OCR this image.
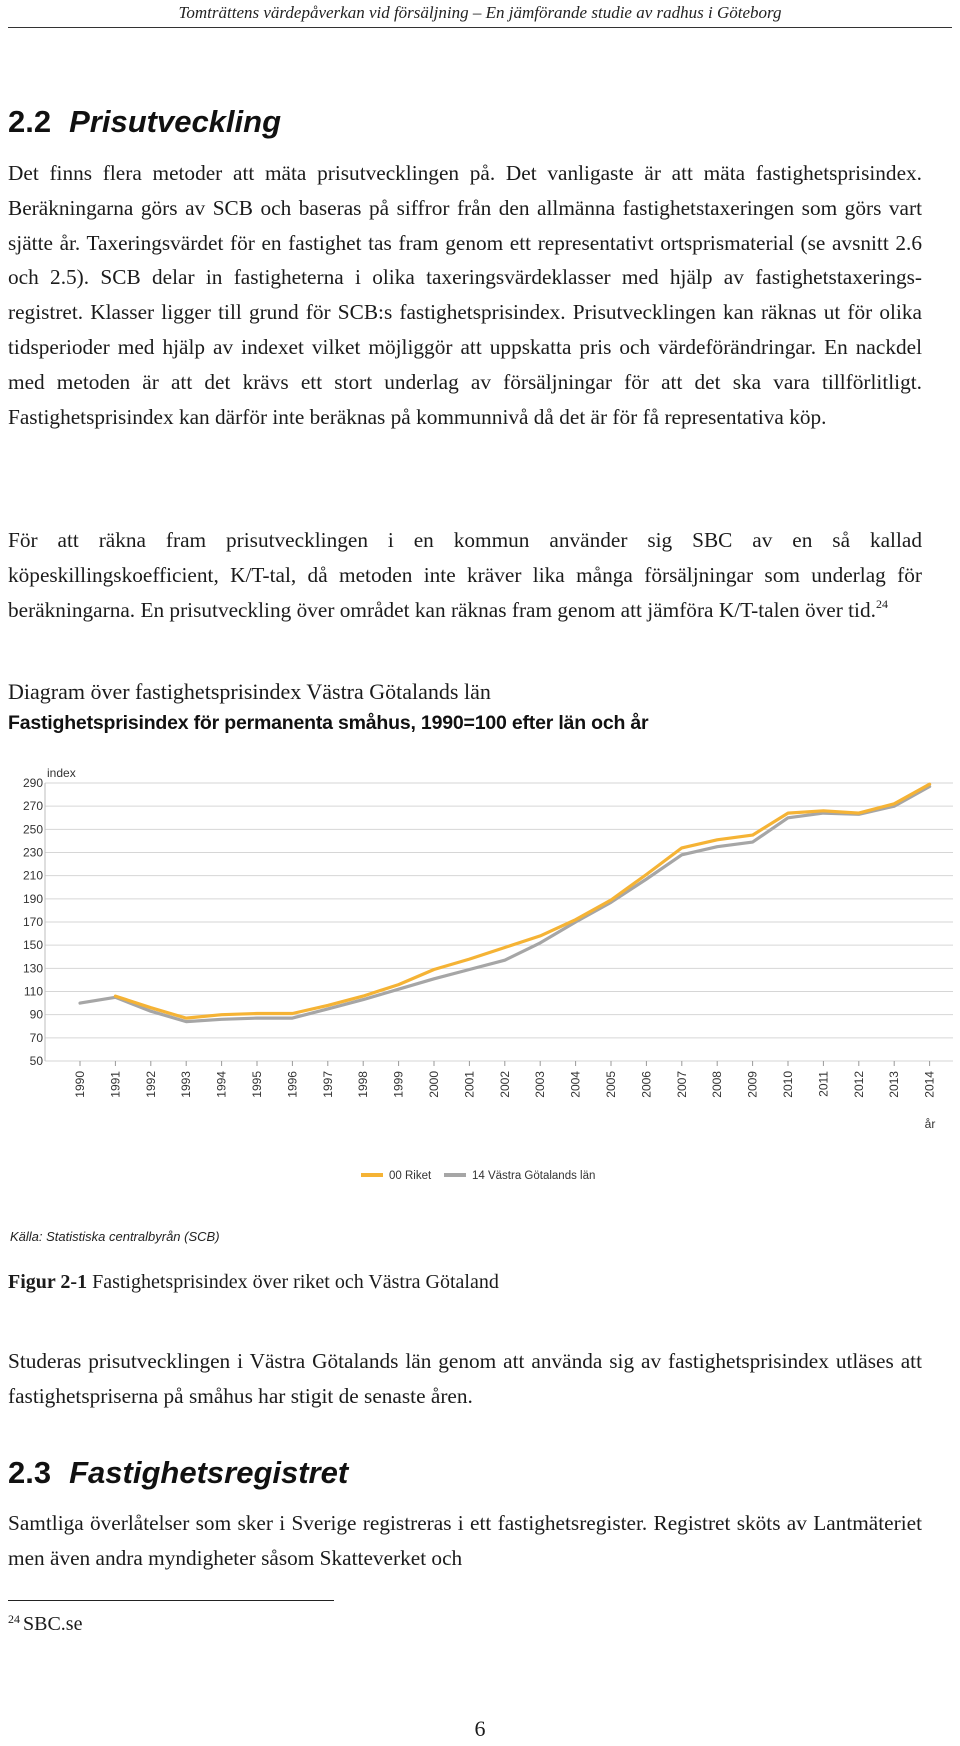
Tomträttens värdepåverkan vid försäljning – En jämförande studie av radhus i Göteborg
2.2 Prisutveckling

Det finns flera metoder att mäta prisutvecklingen på. Det vanligaste är att mäta fastighetsprisindex. Beräkningarna görs av SCB och baseras på siffror från den allmänna fastighetstaxeringen som görs vart sjätte år. Taxeringsvärdet för en fastighet tas fram genom ett representativt ortsprismaterial (se avsnitt 2.6 och 2.5). SCB delar in fastigheterna i olika taxeringsvärdeklasser med hjälp av fastighetstaxerings-registret. Klasser ligger till grund för SCB:s fastighetsprisindex. Prisutvecklingen kan räknas ut för olika tidsperioder med hjälp av indexet vilket möjliggör att uppskatta pris och värdeförändringar. En nackdel med metoden är att det krävs ett stort underlag av försäljningar för att det ska vara tillförlitligt. Fastighetsprisindex kan därför inte beräknas på kommunnivå då det är för få representativa köp.

För att räkna fram prisutvecklingen i en kommun använder sig SBC av en så kallad köpeskillingskoefficient, K/T-tal, då metoden inte kräver lika många försäljningar som underlag för beräkningarna. En prisutveckling över området kan räknas fram genom att jämföra K/T-talen över tid.$^{24}$

Diagram över fastighetsprisindex Västra Götalands län

Fastighetsprisindex för permanenta småhus, 1990=100 efter län och år

290
270
250
230
210
190
170
150
130
110
90
70
50
1990 1991 1992 1993 1994 1995 1996 1997 1998 1999 2000 2001 2002 2003 2004 2005 2006 2007 2008 2009 2010 2011 2012 2013 2014
index
år
00 Riket	14 Västra Götalands län

Källa: Statistiska centralbyrån (SCB)

Figur 2-1 Fastighetsprisindex över riket och Västra Götaland

Studeras prisutvecklingen i Västra Götalands län genom att använda sig av fastighetsprisindex utläses att fastighetspriserna på småhus har stigit de senaste åren.

2.3 Fastighetsregistret

Samtliga överlåtelser som sker i Sverige registreras i ett fastighetsregister. Registret sköts av Lantmäteriet men även andra myndigheter såsom Skatteverket och

$^{24}$ SBC.se

6
